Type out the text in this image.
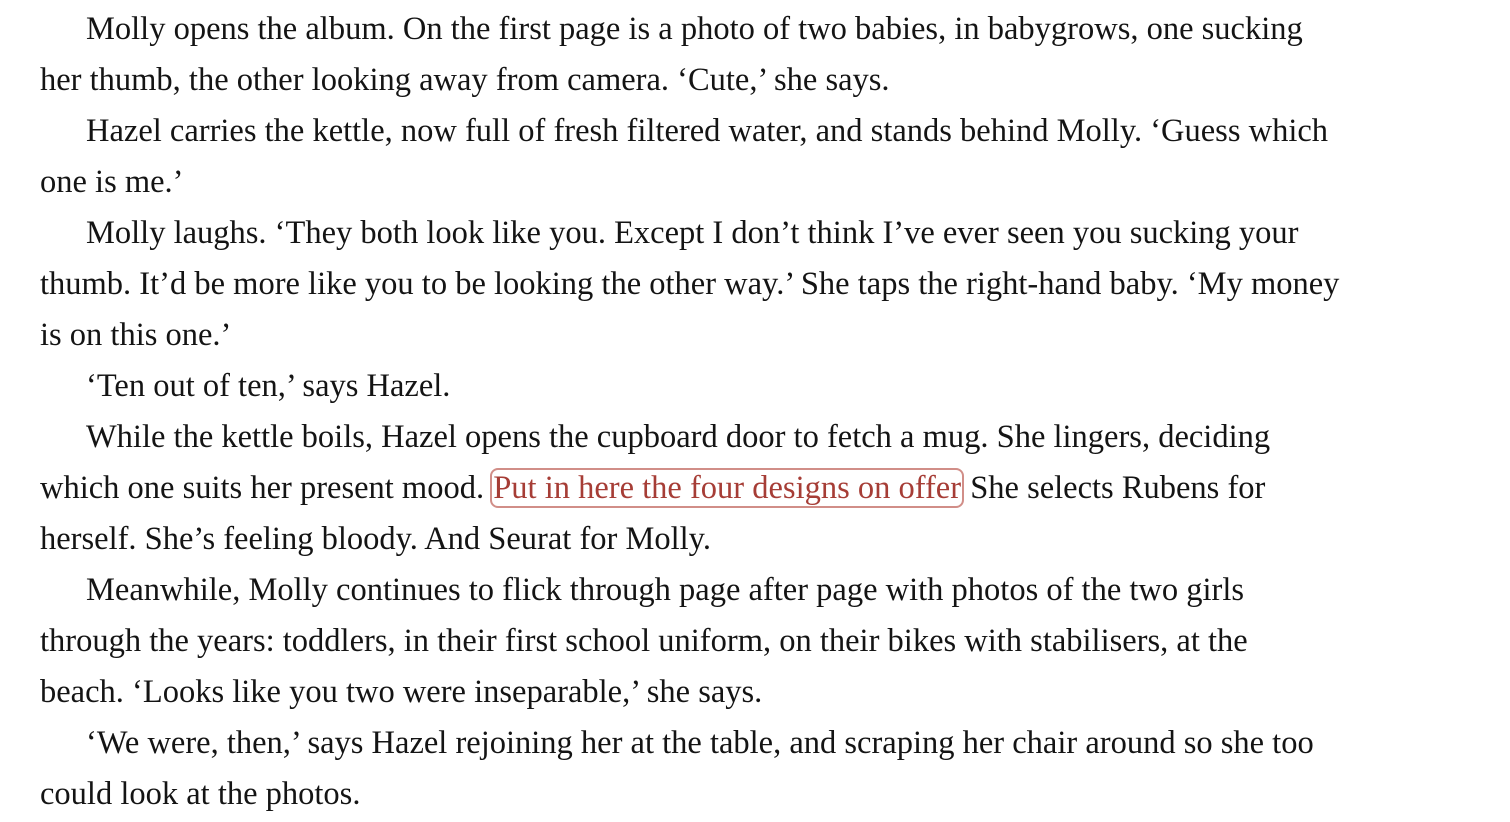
Molly opens the album. On the first page is a photo of two babies, in babygrows, one sucking
her thumb, the other looking away from camera. ‘Cute,’ she says.

Hazel carries the kettle, now full of fresh filtered water, and stands behind Molly. ‘Guess which
one is me.’

Molly laughs. ‘They both look like you. Except I don’t think I’ve ever seen you sucking your
thumb. It’d be more like you to be looking the other way.’ She taps the right-hand baby. ‘My money
is on this one.’

‘Ten out of ten,’ says Hazel.

While the kettle boils, Hazel opens the cupboard door to fetch a mug. She lingers, deciding
which one suits her present mood. Put in here the four designs on offer She selects Rubens for
herself. She’s feeling bloody. And Seurat for Molly.

Meanwhile, Molly continues to flick through page after page with photos of the two girls
through the years: toddlers, in their first school uniform, on their bikes with stabilisers, at the
beach. ‘Looks like you two were inseparable,’ she says.

‘We were, then,’ says Hazel rejoining her at the table, and scraping her chair around so she too
could look at the photos.
